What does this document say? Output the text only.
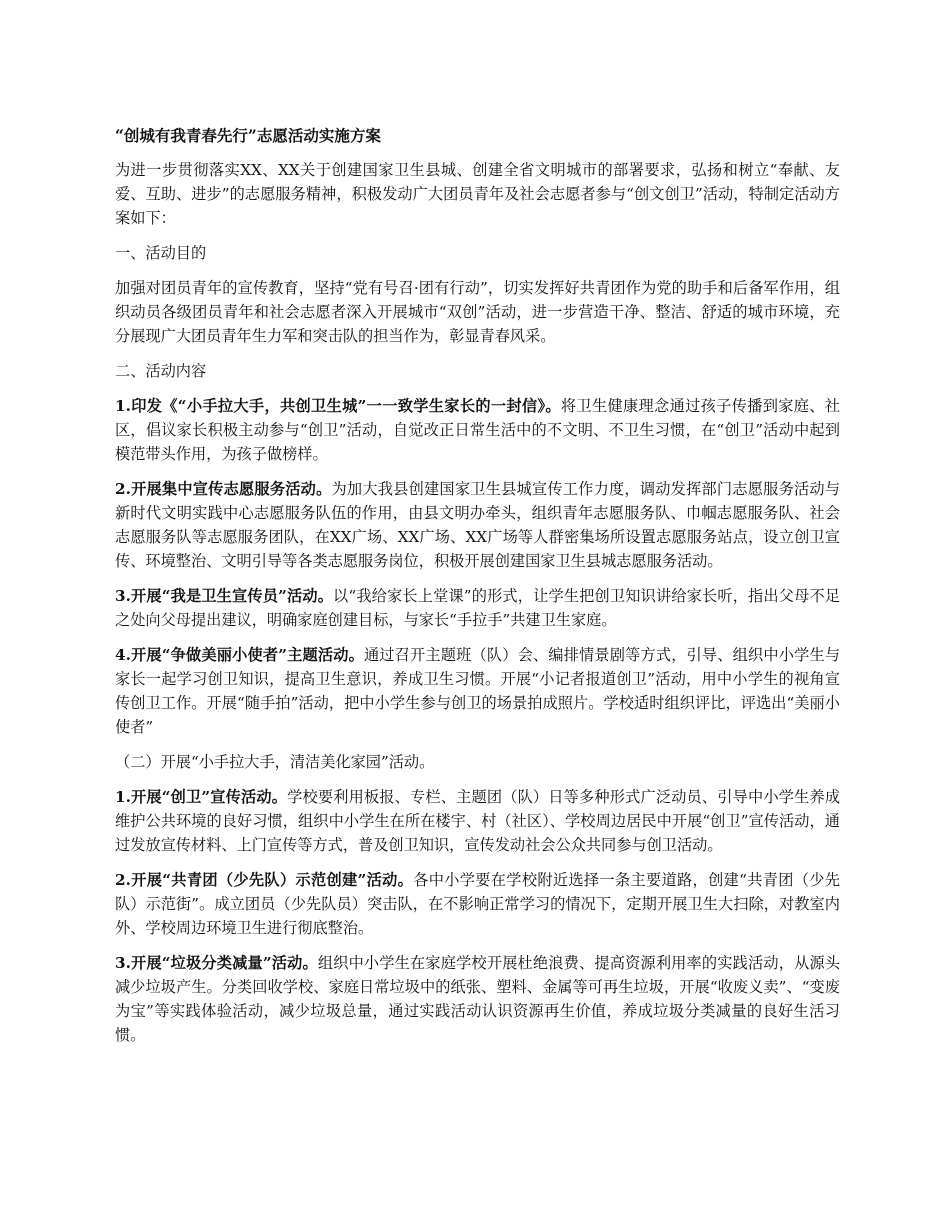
“创城有我青春先行”志愿活动实施方案

为进一步贯彻落实XX、XX关于创建国家卫生县城、创建全省文明城市的部署要求，弘扬和树立“奉献、友爱、互助、进步”的志愿服务精神，积极发动广大团员青年及社会志愿者参与“创文创卫”活动，特制定活动方案如下：

一、活动目的

加强对团员青年的宣传教育，坚持“党有号召·团有行动”，切实发挥好共青团作为党的助手和后备军作用，组织动员各级团员青年和社会志愿者深入开展城市“双创”活动，进一步营造干净、整洁、舒适的城市环境，充分展现广大团员青年生力军和突击队的担当作为，彰显青春风采。

二、活动内容

1.印发《“小手拉大手，共创卫生城”一一致学生家长的一封信》。将卫生健康理念通过孩子传播到家庭、社区，倡议家长积极主动参与“创卫”活动，自觉改正日常生活中的不文明、不卫生习惯，在“创卫”活动中起到模范带头作用，为孩子做榜样。

2.开展集中宣传志愿服务活动。为加大我县创建国家卫生县城宣传工作力度，调动发挥部门志愿服务活动与新时代文明实践中心志愿服务队伍的作用，由县文明办牵头，组织青年志愿服务队、巾帼志愿服务队、社会志愿服务队等志愿服务团队，在XX广场、XX广场、XX广场等人群密集场所设置志愿服务站点，设立创卫宣传、环境整治、文明引导等各类志愿服务岗位，积极开展创建国家卫生县城志愿服务活动。

3.开展“我是卫生宣传员”活动。以“我给家长上堂课”的形式，让学生把创卫知识讲给家长听，指出父母不足之处向父母提出建议，明确家庭创建目标，与家长“手拉手”共建卫生家庭。

4.开展“争做美丽小使者”主题活动。通过召开主题班（队）会、编排情景剧等方式，引导、组织中小学生与家长一起学习创卫知识，提高卫生意识，养成卫生习惯。开展“小记者报道创卫”活动，用中小学生的视角宣传创卫工作。开展“随手拍”活动，把中小学生参与创卫的场景拍成照片。学校适时组织评比，评选出“美丽小使者”

（二）开展“小手拉大手，清洁美化家园”活动。

1.开展“创卫”宣传活动。学校要利用板报、专栏、主题团（队）日等多种形式广泛动员、引导中小学生养成维护公共环境的良好习惯，组织中小学生在所在楼宇、村（社区）、学校周边居民中开展“创卫”宣传活动，通过发放宣传材料、上门宣传等方式，普及创卫知识，宣传发动社会公众共同参与创卫活动。

2.开展“共青团（少先队）示范创建”活动。各中小学要在学校附近选择一条主要道路，创建“共青团（少先队）示范街”。成立团员（少先队员）突击队，在不影响正常学习的情况下，定期开展卫生大扫除，对教室内外、学校周边环境卫生进行彻底整治。

3.开展“垃圾分类减量”活动。组织中小学生在家庭学校开展杜绝浪费、提高资源利用率的实践活动，从源头减少垃圾产生。分类回收学校、家庭日常垃圾中的纸张、塑料、金属等可再生垃圾，开展“收废义卖”、“变废为宝”等实践体验活动，减少垃圾总量，通过实践活动认识资源再生价值，养成垃圾分类减量的良好生活习惯。
